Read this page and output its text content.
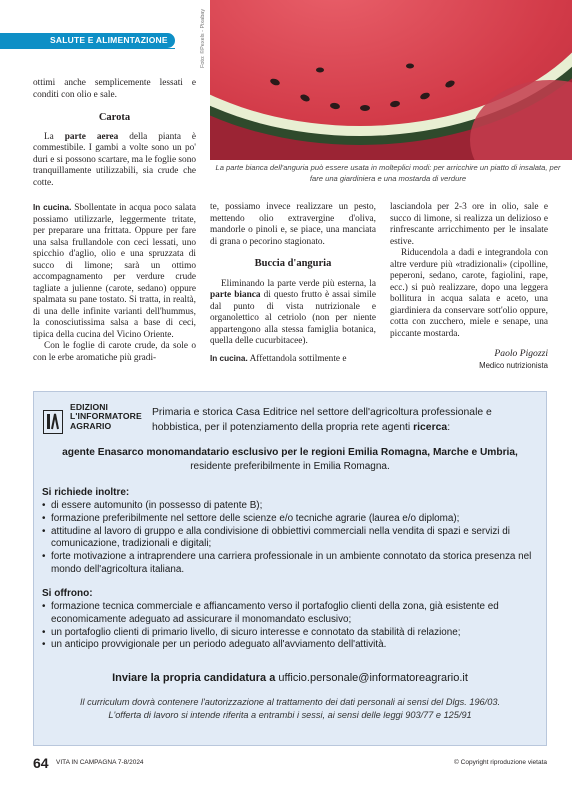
SALUTE E ALIMENTAZIONE	Foto: ©Pexels - Pixabay
La parte bianca dell'anguria può essere usata in molteplici modi: per arricchire un piatto di insalata, per fare una giardiniera e una mostarda di verdure

ottimi anche semplicemente lessati e conditi con olio e sale.

Carota

La parte aerea della pianta è commestibile. I gambi a volte sono un po' duri e si possono scartare, ma le foglie sono tranquillamente utilizzabili, sia crude che cotte.

In cucina. Sbollentate in acqua poco salata possiamo utilizzarle, leggermente tritate, per preparare una frittata. Oppure per fare una salsa frullandole con ceci lessati, uno spicchio d'aglio, olio e una spruzzata di succo di limone; sarà un ottimo accompagnamento per verdure crude tagliate a julienne (carote, sedano) oppure spalmata su pane tostato. Si tratta, in realtà, di una delle infinite varianti dell'hummus, la conosciutissima salsa a base di ceci, tipica della cucina del Vicino Oriente.

Con le foglie di carote crude, da sole o con le erbe aromatiche più gradi-

te, possiamo invece realizzare un pesto, mettendo olio extravergine d'oliva, mandorle o pinoli e, se piace, una manciata di grana o pecorino stagionato.

Buccia d'anguria

Eliminando la parte verde più esterna, la parte bianca di questo frutto è assai simile dal punto di vista nutrizionale e organolettico al cetriolo (non per niente appartengono alla stessa famiglia botanica, quella delle cucurbitacee).

In cucina. Affettandola sottilmente e

lasciandola per 2-3 ore in olio, sale e succo di limone, si realizza un delizioso e rinfrescante arricchimento per le insalate estive.

Riducendola a dadi e integrandola con altre verdure più «tradizionali» (cipolline, peperoni, sedano, carote, fagiolini, rape, ecc.) si può realizzare, dopo una leggera bollitura in acqua salata e aceto, una giardiniera da conservare sott'olio oppure, cotta con zucchero, miele e senape, una piccante mostarda.

Paolo Pigozzi

Medico nutrizionista

EDIZIONI
L'INFORMATORE
AGRARIO
Primaria e storica Casa Editrice nel settore dell'agricoltura professionale e hobbistica, per il potenziamento della propria rete agenti ricerca:
agente Enasarco monomandatario esclusivo per le regioni Emilia Romagna, Marche e Umbria,
residente preferibilmente in Emilia Romagna.
Si richiede inoltre:
• di essere automunito (in possesso di patente B);
• formazione preferibilmente nel settore delle scienze e/o tecniche agrarie (laurea e/o diploma);
• attitudine al lavoro di gruppo e alla condivisione di obbiettivi commerciali nella vendita di spazi e servizi di comunicazione, tradizionali e digitali;
• forte motivazione a intraprendere una carriera professionale in un ambiente connotato da storica presenza nel mondo dell'agricoltura italiana.
Si offrono:
• formazione tecnica commerciale e affiancamento verso il portafoglio clienti della zona, già esistente ed economicamente adeguato ad assicurare il monomandato esclusivo;
• un portafoglio clienti di primario livello, di sicuro interesse e connotato da stabilità di relazione;
• un anticipo provvigionale per un periodo adeguato all'avviamento dell'attività.
Inviare la propria candidatura a ufficio.personale@informatoreagrario.it
Il curriculum dovrà contenere l'autorizzazione al trattamento dei dati personali ai sensi del Dlgs. 196/03.
L'offerta di lavoro si intende riferita a entrambi i sessi, ai sensi delle leggi 903/77 e 125/91
64 VITA IN CAMPAGNA 7-8/2024	© Copyright riproduzione vietata
